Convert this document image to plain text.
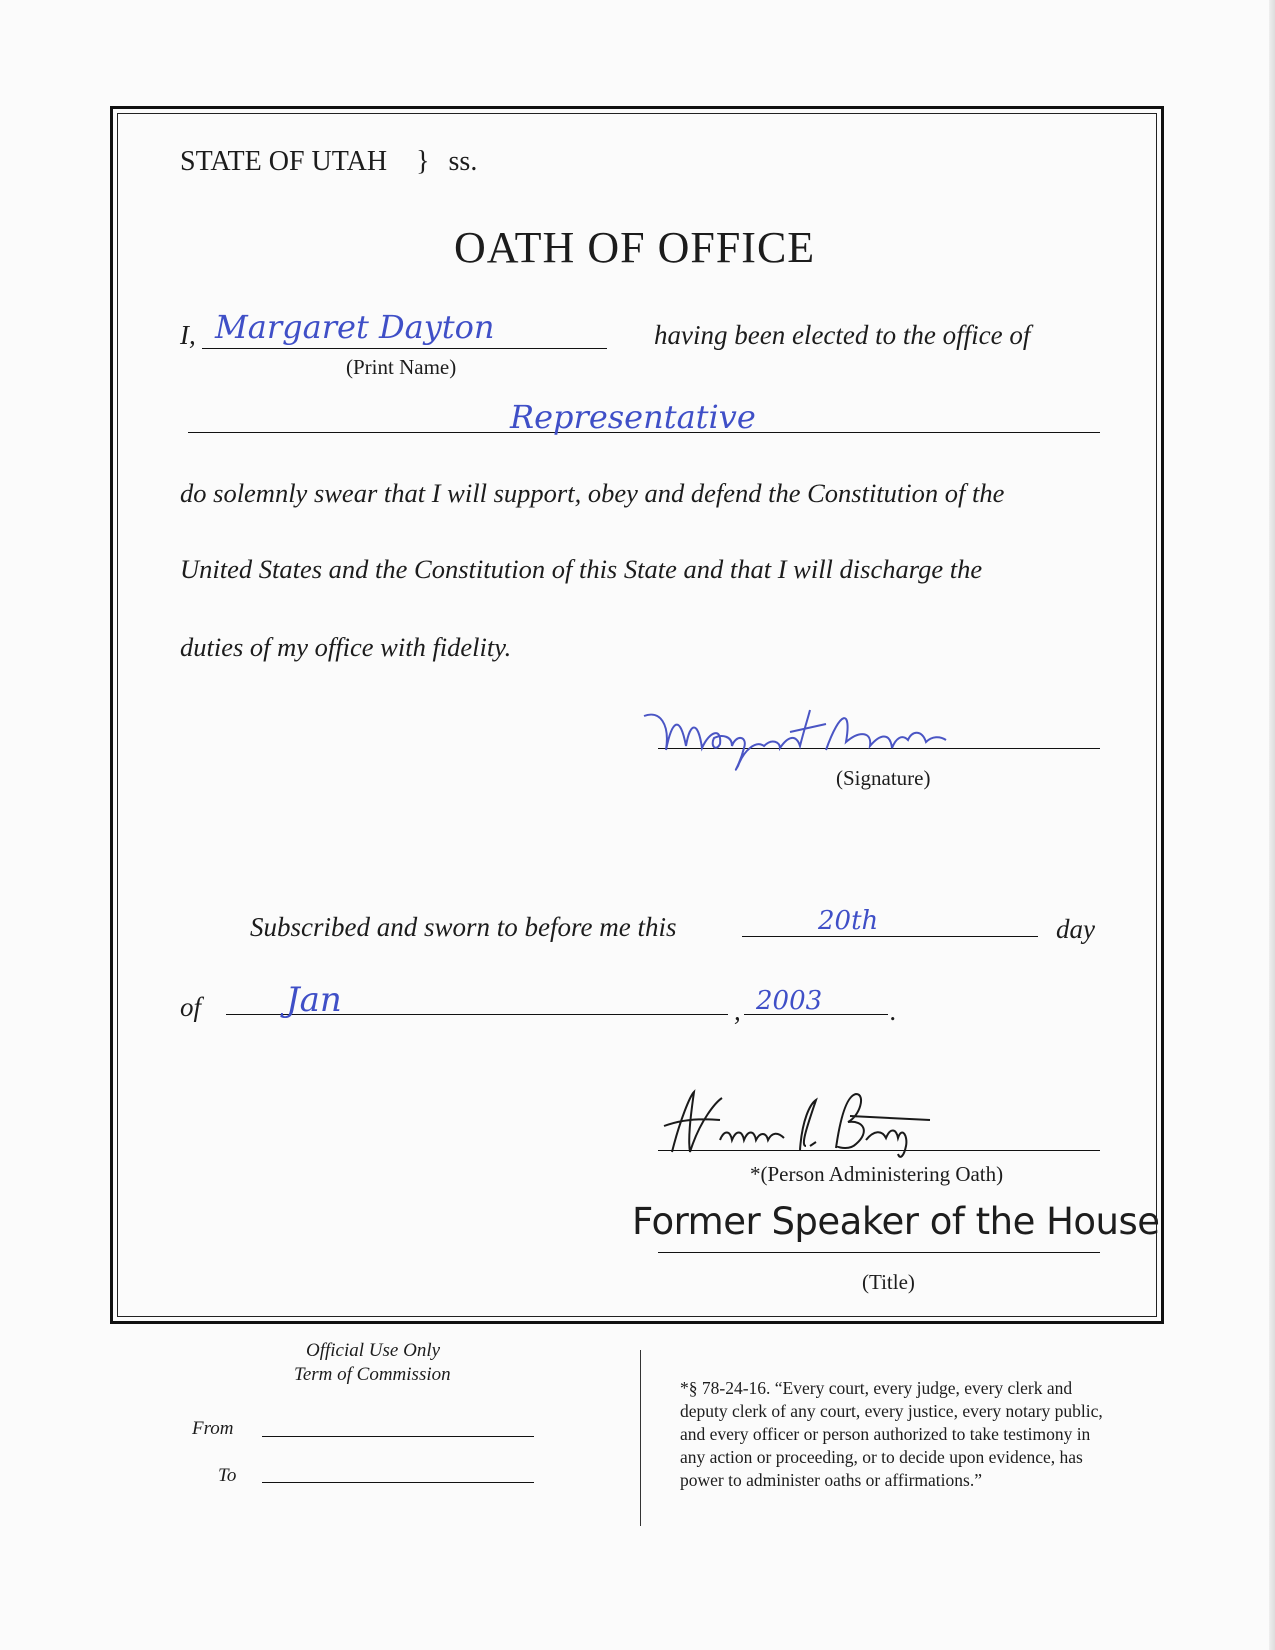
STATE OF UTAH } ss.
OATH OF OFFICE
I, Margaret Dayton
(Print Name)
having been elected to the office of
Representative
do solemnly swear that I will support, obey and defend the Constitution of the
United States and the Constitution of this State and that I will discharge the
duties of my office with fidelity.
(Signature)
Subscribed and sworn to before me this	20th	day
of Jan	, 2003	.
*(Person Administering Oath)
Former Speaker of the House
(Title)
Official Use Only
Term of Commission
From
To
*§ 78-24-16. “Every court, every judge, every clerk and
deputy clerk of any court, every justice, every notary public,
and every officer or person authorized to take testimony in
any action or proceeding, or to decide upon evidence, has
power to administer oaths or affirmations.”
